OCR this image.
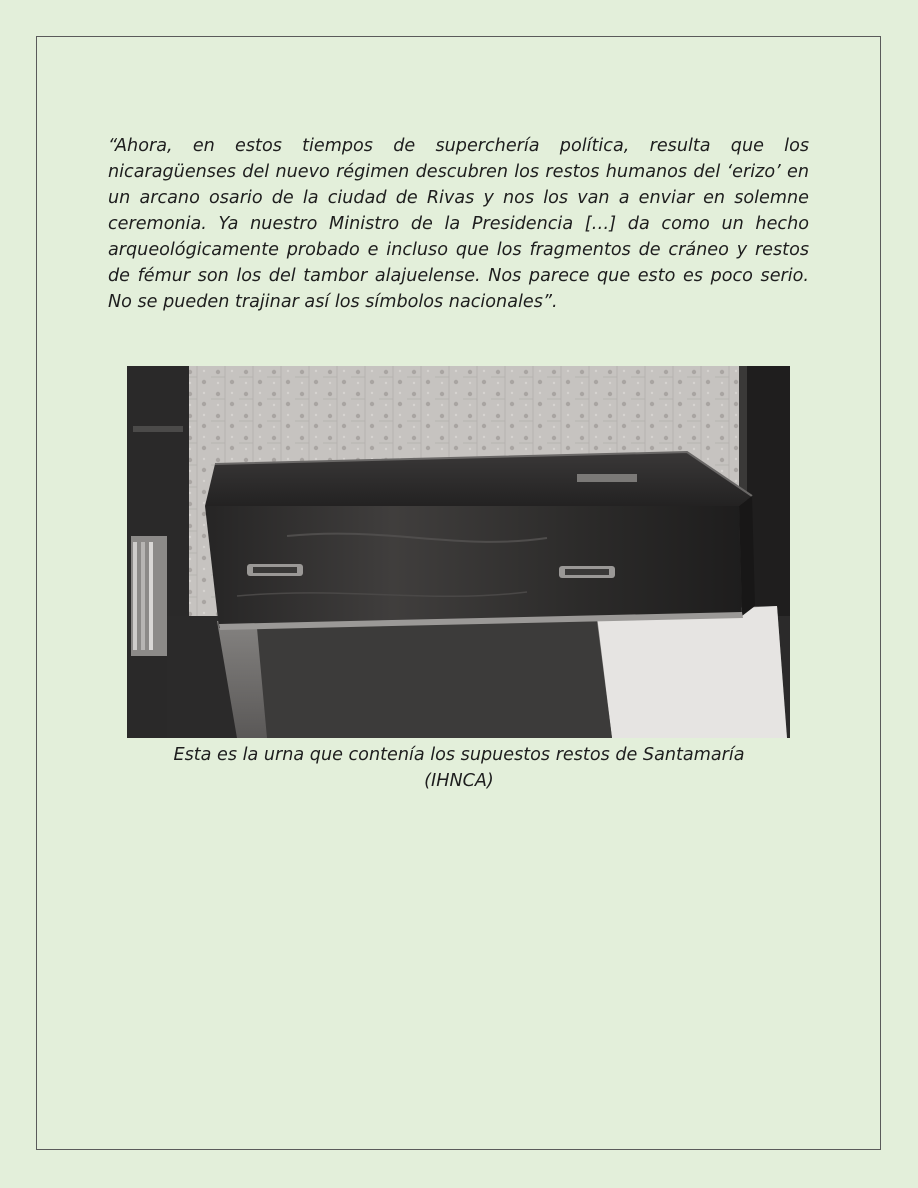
“Ahora, en estos tiempos de superchería política, resulta que los nicaragüenses del nuevo régimen descubren los restos humanos del ‘erizo’ en un arcano osario de la ciudad de Rivas y nos los van a enviar en solemne ceremonia. Ya nuestro Ministro de la Presidencia […] da como un hecho arqueológicamente probado e incluso que los fragmentos de cráneo y restos de fémur son los del tambor alajuelense. Nos parece que esto es poco serio. No se pueden trajinar así los símbolos nacionales”.

Esta es la urna que contenía los supuestos restos de Santamaría
(IHNCA)
